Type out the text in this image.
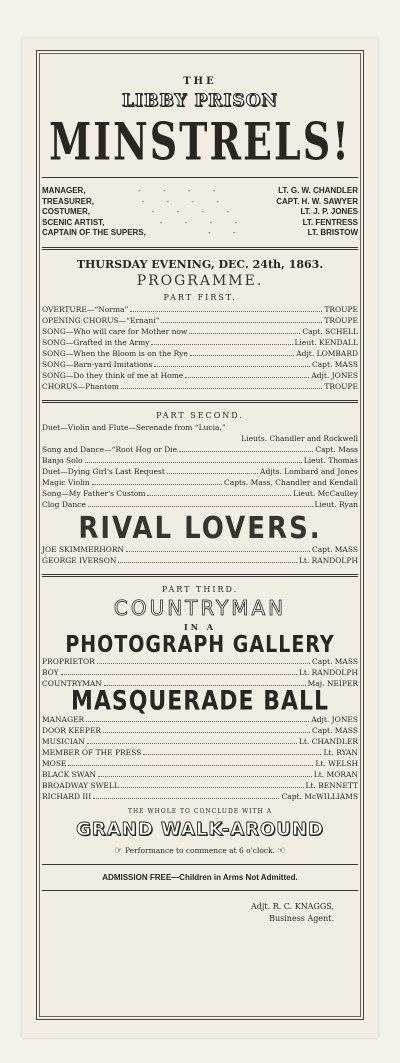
THE
LIBBY PRISON
MINSTRELS!
MANAGER,	- - - -	LT. G. W. CHANDLER
TREASURER,	- - - -	CAPT. H. W. SAWYER
COSTUMER,	- - - -	LT. J. P. JONES
SCENIC ARTIST,	- - - -	LT. FENTRESS
CAPTAIN OF THE SUPERS,	- -	LT. BRISTOW
THURSDAY EVENING, DEC. 24th, 1863.
PROGRAMME.
PART FIRST.
OVERTURE—“Norma”	TROUPE
OPENING CHORUS—“Ernani”	TROUPE
SONG—Who will care for Mother now	Capt. SCHELL
SONG—Grafted in the Army	Lieut. KENDALL
SONG—When the Bloom is on the Rye	Adjt. LOMBARD
SONG—Barn-yard Imitations	Capt. MASS
SONG—Do they think of me at Home	Adjt. JONES
CHORUS—Phantom	TROUPE
PART SECOND.
Duet—Violin and Flute—Serenade from “Lucia,”
Lieuts. Chandler and Rockwell
Song and Dance—“Root Hog or Die	Capt. Mass
Banjo Solo	Lieut. Thomas
Duet—Dying Girl's Last Request	Adjts. Lombard and Jones
Magic Violin	Capts. Mass, Chandler and Kendall
Song—My Father's Custom	Lieut. McCaulley
Clog Dance	Lieut. Ryan
RIVAL LOVERS.
JOE SKIMMERHORN	Capt. MASS
GEORGE IVERSON	Lt. RANDOLPH
PART THIRD.
COUNTRYMAN
IN A
PHOTOGRAPH GALLERY
PROPRIETOR	Capt. MASS
BOY	Lt. RANDOLPH
COUNTRYMAN	Maj. NEIPER
MASQUERADE BALL
MANAGER	Adjt. JONES
DOOR KEEPER	Capt. MASS
MUSICIAN	Lt. CHANDLER
MEMBER OF THE PRESS	Lt. RYAN
MOSE	Lt. WELSH
BLACK SWAN	Lt. MORAN
BROADWAY SWELL	Lt. BENNETT
RICHARD III	Capt. McWILLIAMS
THE WHOLE TO CONCLUDE WITH A
GRAND WALK-AROUND
☞ Performance to commence at 6 o'clock. ☜
ADMISSION FREE—Children in Arms Not Admitted.
Adjt. R. C. KNAGGS,
Business Agent.
